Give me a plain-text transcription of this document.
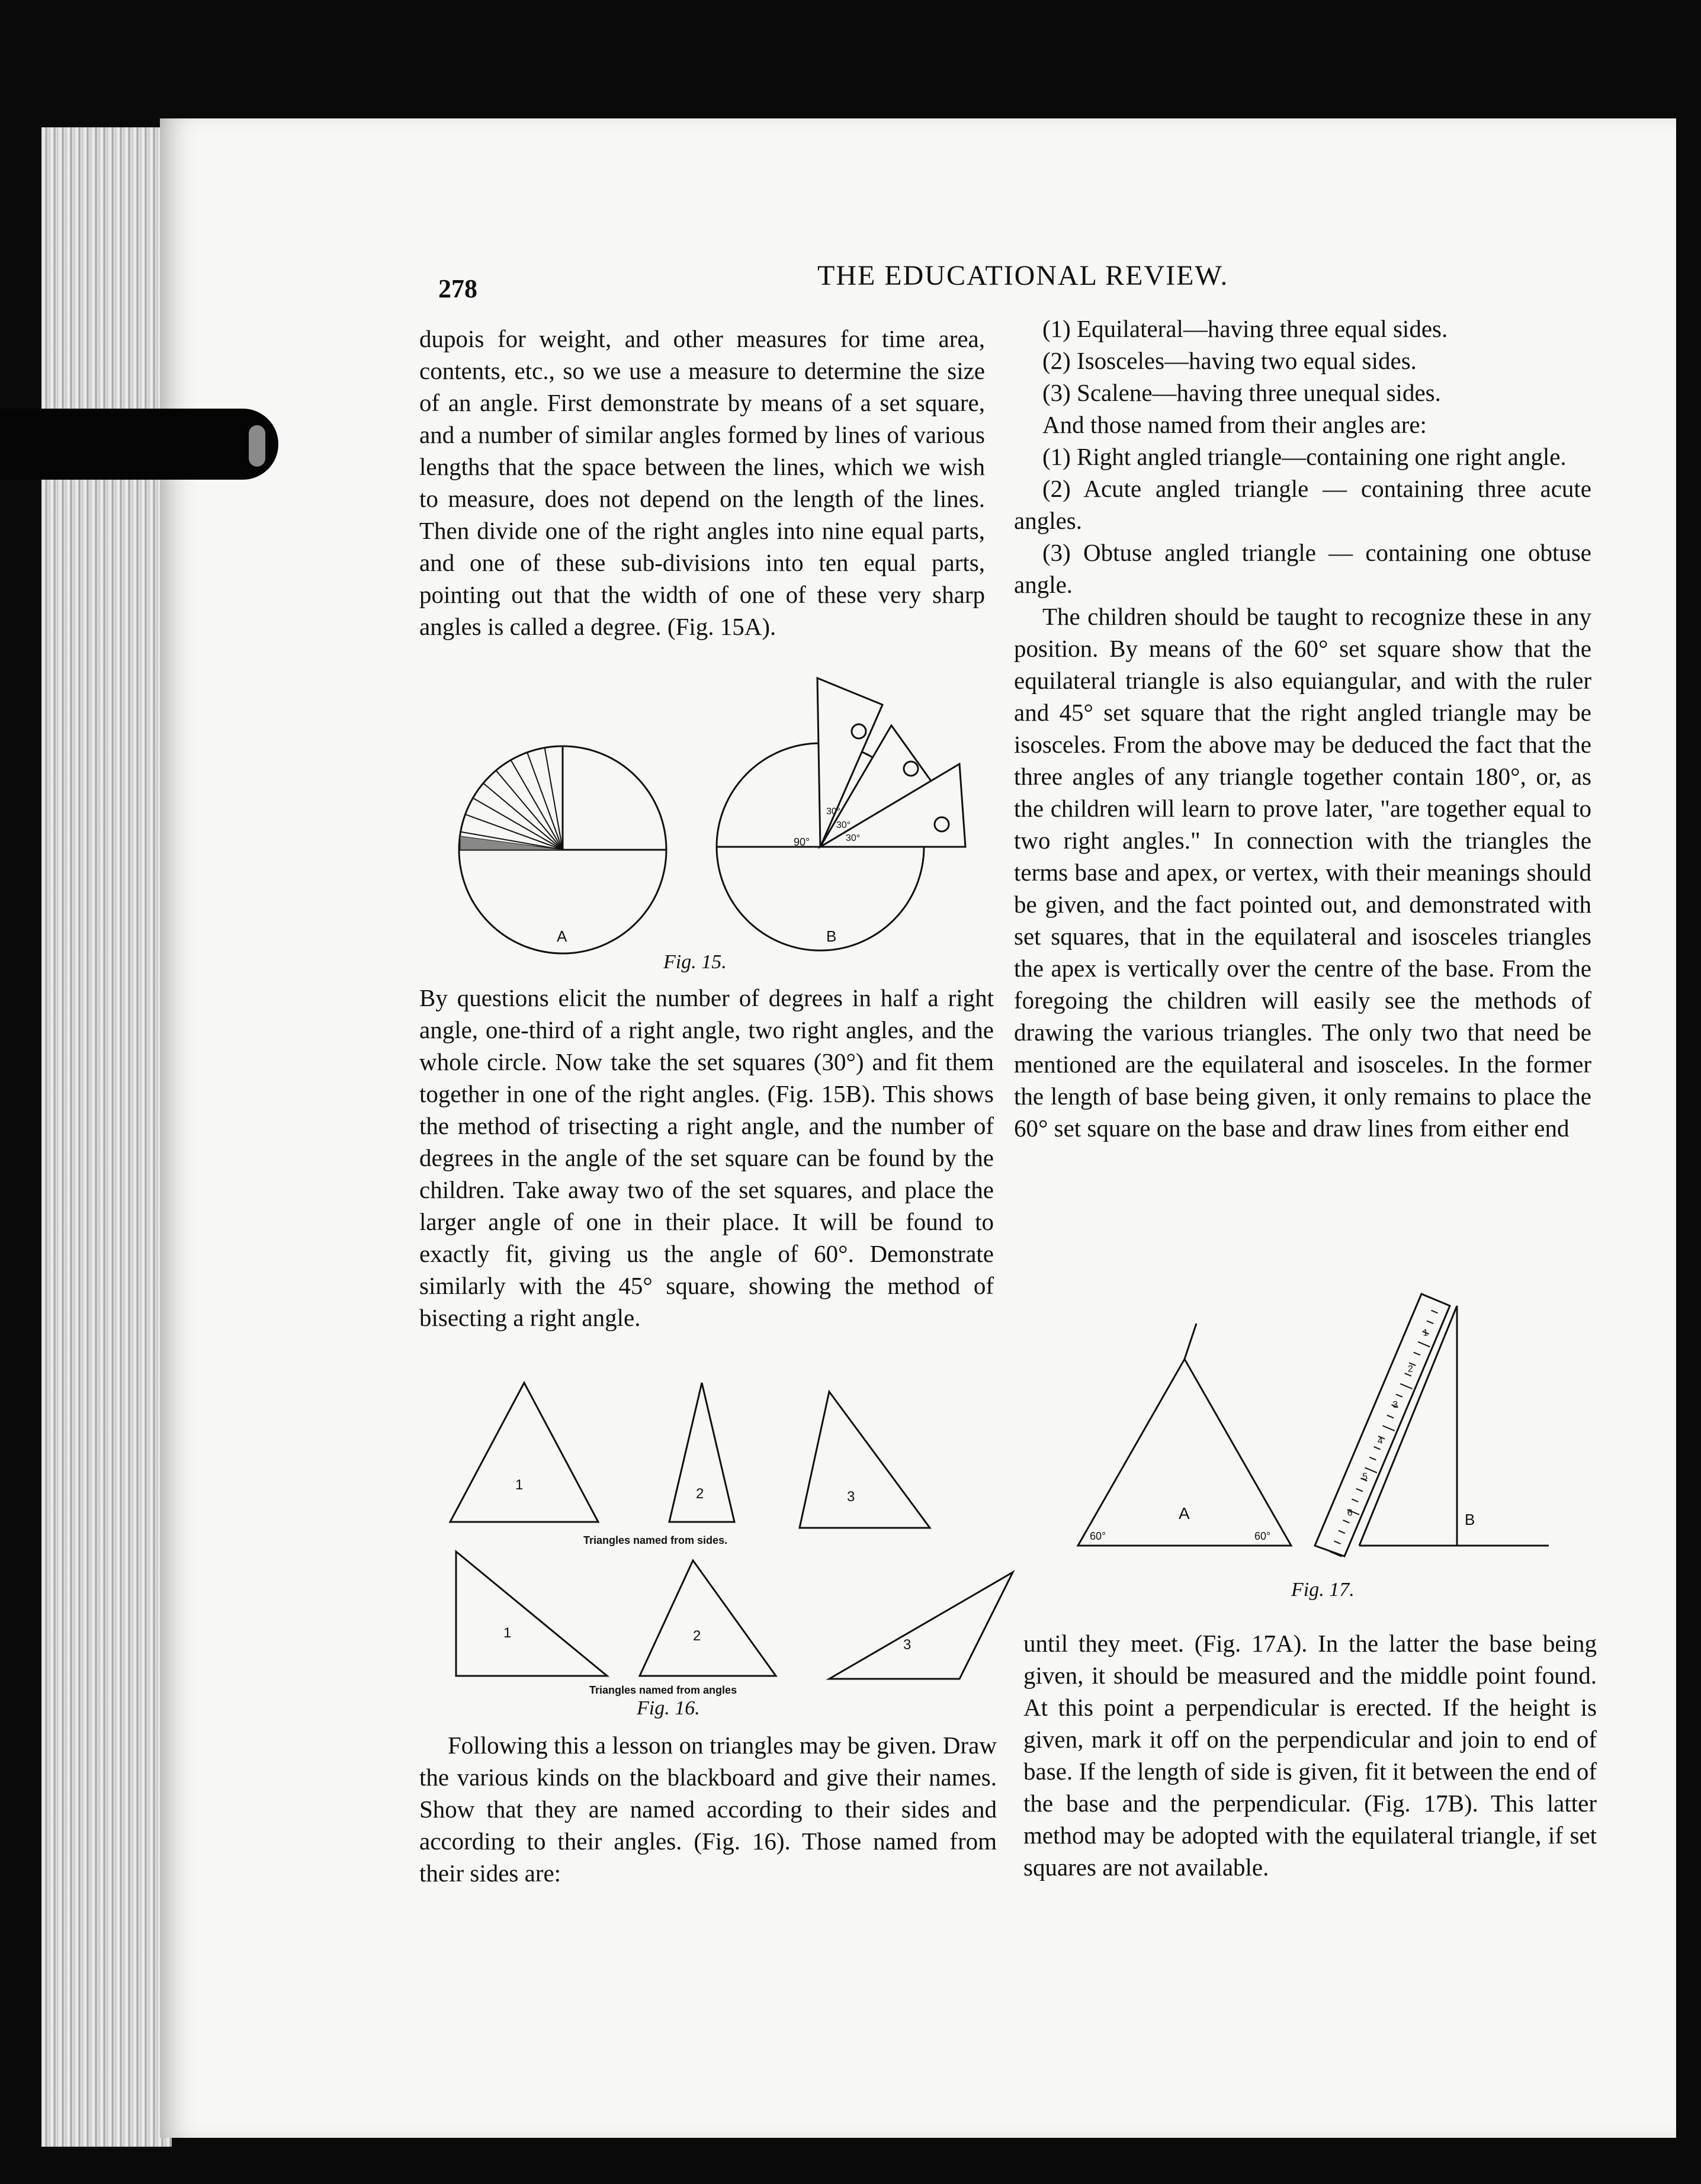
278	THE EDUCATIONAL REVIEW.

dupois for weight, and other measures for time area, contents, etc., so we use a measure to determine the size of an angle. First demonstrate by means of a set square, and a number of similar angles formed by lines of various lengths that the space between the lines, which we wish to measure, does not depend on the length of the lines. Then divide one of the right angles into nine equal parts, and one of these sub-divisions into ten equal parts, pointing out that the width of one of these very sharp angles is called a degree. (Fig. 15A).

By questions elicit the number of degrees in half a right angle, one-third of a right angle, two right angles, and the whole circle. Now take the set squares (30°) and fit them together in one of the right angles. (Fig. 15B). This shows the method of trisecting a right angle, and the number of degrees in the angle of the set square can be found by the children. Take away two of the set squares, and place the larger angle of one in their place. It will be found to exactly fit, giving us the angle of 60°. Demonstrate similarly with the 45° square, showing the method of bisecting a right angle.

Following this a lesson on triangles may be given. Draw the various kinds on the blackboard and give their names. Show that they are named according to their sides and according to their angles. (Fig. 16). Those named from their sides are:

(1) Equilateral—having three equal sides.

(2) Isosceles—having two equal sides.

(3) Scalene—having three unequal sides.

And those named from their angles are:

(1) Right angled triangle—containing one right angle.

(2) Acute angled triangle — containing three acute angles.

(3) Obtuse angled triangle — containing one obtuse angle.

The children should be taught to recognize these in any position. By means of the 60° set square show that the equilateral triangle is also equiangular, and with the ruler and 45° set square that the right angled triangle may be isosceles. From the above may be deduced the fact that the three angles of any triangle together contain 180°, or, as the children will learn to prove later, "are together equal to two right angles." In connection with the triangles the terms base and apex, or vertex, with their meanings should be given, and the fact pointed out, and demonstrated with set squares, that in the equilateral and isosceles triangles the apex is vertically over the centre of the base. From the foregoing the children will easily see the methods of drawing the various triangles. The only two that need be mentioned are the equilateral and isosceles. In the former the length of base being given, it only remains to place the 60° set square on the base and draw lines from either end

until they meet. (Fig. 17A). In the latter the base being given, it should be measured and the middle point found. At this point a perpendicular is erected. If the height is given, mark it off on the perpendicular and join to end of base. If the length of side is given, fit it between the end of the base and the perpendicular. (Fig. 17B). This latter method may be adopted with the equilateral triangle, if set squares are not available.

A
90°
30°
30°
30°
B
Fig. 15.
1
2	3
Triangles named from sides.
1	2
3
Triangles named from angles
Fig. 16.
60°	60°
A	B
1
2
3
4
5
6
Fig. 17.
